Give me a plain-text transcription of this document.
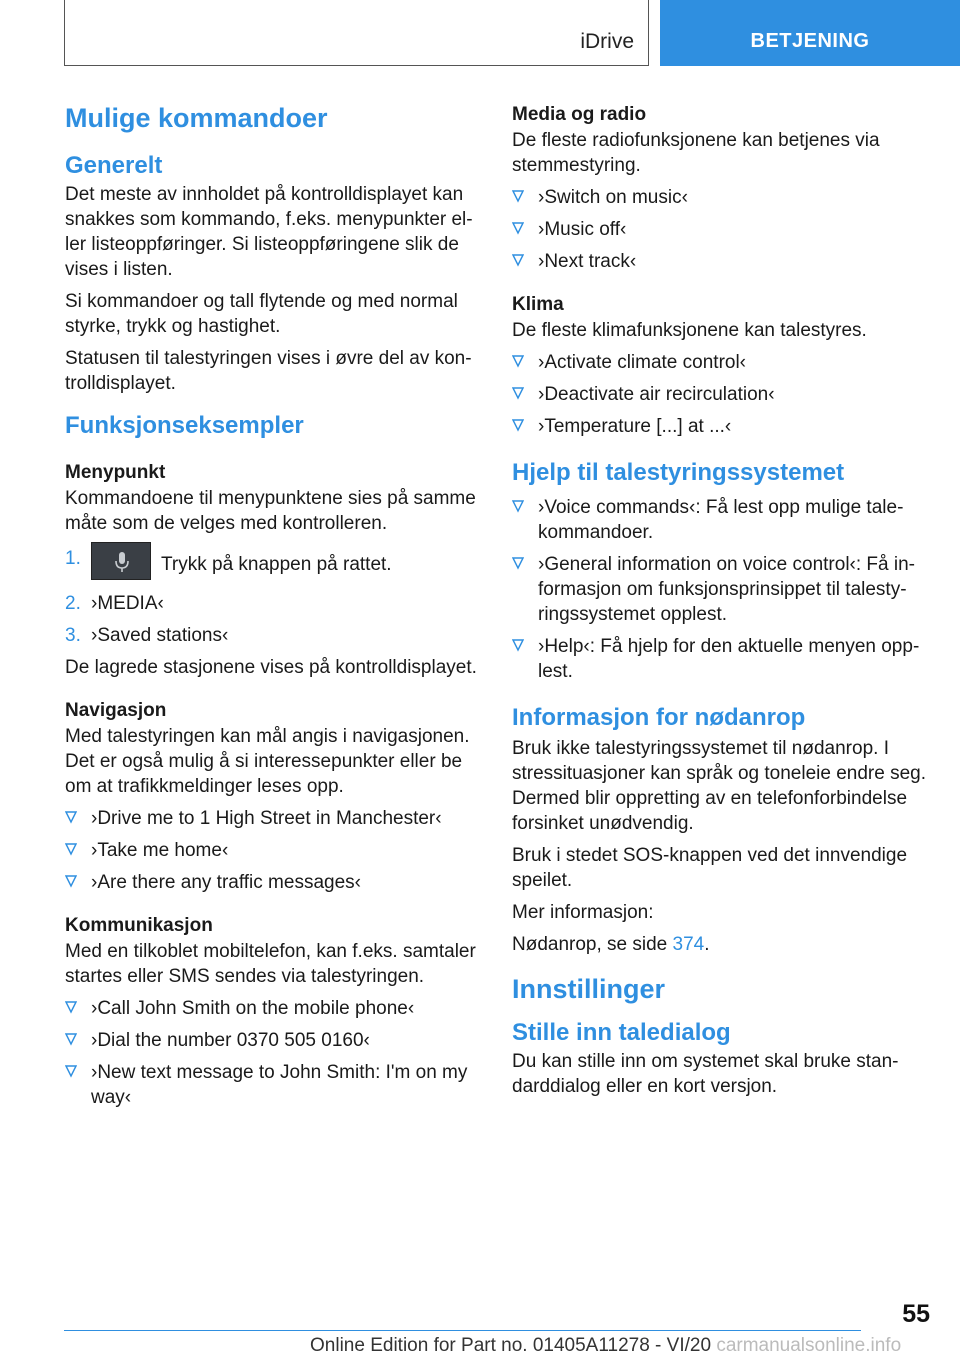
iDrive	BETJENING
Mulige kommandoer
Generelt

Det meste av innholdet på kontrolldisplayet kan snakkes som kommando, f.eks. menypunkter eller listeoppføringer. Si listeoppføringene slik de vises i listen.

Si kommandoer og tall flytende og med normal styrke, trykk og hastighet.

Statusen til talestyringen vises i øvre del av kontrolldisplayet.

Funksjonseksempler
Menypunkt

Kommandoene til menypunktene sies på samme måte som de velges med kontrolleren.

1.	Trykk på knappen på rattet.
2. ›MEDIA‹
3. ›Saved stations‹

De lagrede stasjonene vises på kontrolldisplayet.

Navigasjon

Med talestyringen kan mål angis i navigasjonen. Det er også mulig å si interessepunkter eller be om at trafikkmeldinger leses opp.

›Drive me to 1 High Street in Manchester‹
›Take me home‹
›Are there any traffic messages‹
Kommunikasjon

Med en tilkoblet mobiltelefon, kan f.eks. samtaler startes eller SMS sendes via talestyringen.

›Call John Smith on the mobile phone‹
›Dial the number 0370 505 0160‹
›New text message to John Smith: I'm on my way‹
Media og radio

De fleste radiofunksjonene kan betjenes via stemmestyring.

›Switch on music‹
›Music off‹
›Next track‹
Klima

De fleste klimafunksjonene kan talestyres.

›Activate climate control‹
›Deactivate air recirculation‹
›Temperature [...] at ...‹
Hjelp til talestyringssystemet
›Voice commands‹: Få lest opp mulige talekommandoer.
›General information on voice control‹: Få informasjon om funksjonsprinsippet til talestyringssystemet opplest.
›Help‹: Få hjelp for den aktuelle menyen opplest.
Informasjon for nødanrop

Bruk ikke talestyringssystemet til nødanrop. I stressituasjoner kan språk og toneleie endre seg. Dermed blir oppretting av en telefonforbindelse forsinket unødvendig.

Bruk i stedet SOS-knappen ved det innvendige speilet.

Mer informasjon:

Nødanrop, se side 374.

Innstillinger
Stille inn taledialog

Du kan stille inn om systemet skal bruke standarddialog eller en kort versjon.

55
Online Edition for Part no. 01405A11278 - VI/20 carmanualsonline.info
